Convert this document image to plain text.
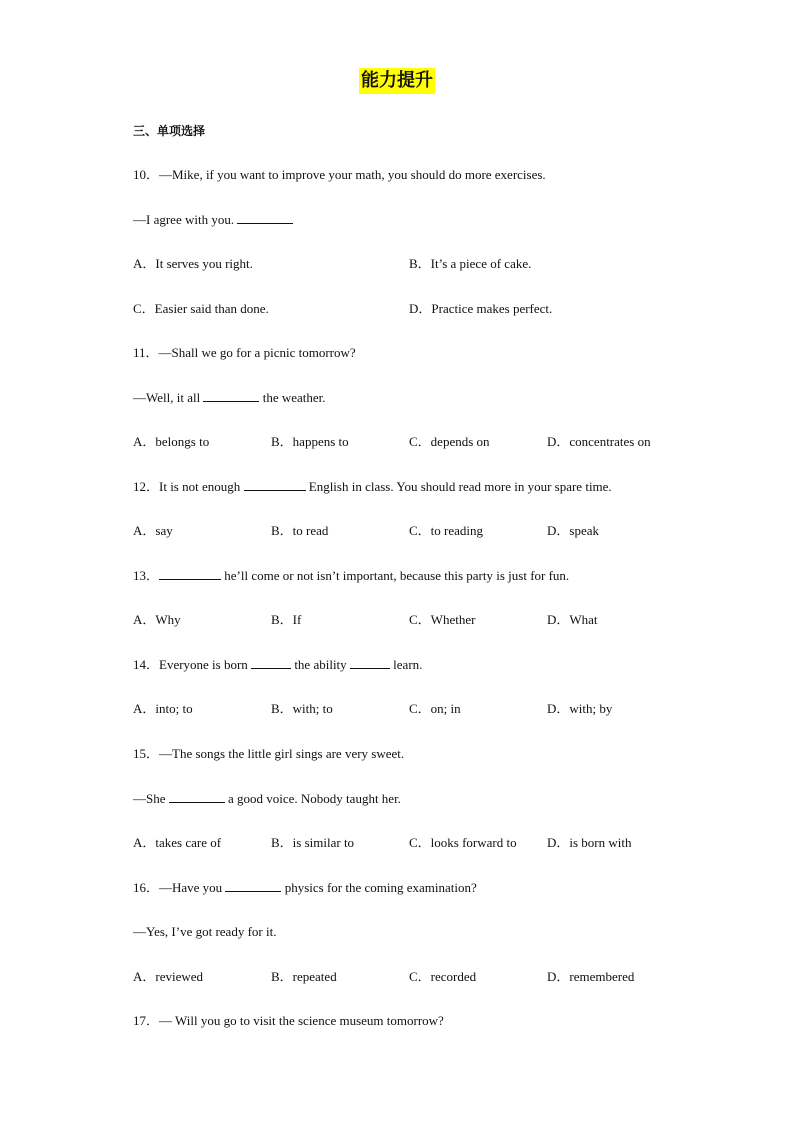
能力提升
三、单项选择
10．—Mike, if you want to improve your math, you should do more exercises.
—I agree with you.
A．It serves you right.	B．It’s a piece of cake.
C．Easier said than done.	D．Practice makes perfect.
11．—Shall we go for a picnic tomorrow?
—Well, it all	the weather.
A．belongs to	B．happens to	C．depends on	D．concentrates on
12．It is not enough	English in class. You should read more in your spare time.
A．say	B．to read	C．to reading	D．speak
13．	he’ll come or not isn’t important, because this party is just for fun.
A．Why	B．If	C．Whether	D．What
14．Everyone is born	the ability	learn.
A．into; to	B．with; to	C．on; in	D．with; by
15．—The songs the little girl sings are very sweet.
—She	a good voice. Nobody taught her.
A．takes care of	B．is similar to	C．looks forward to D．is born with
16．—Have you	physics for the coming examination?
—Yes, I’ve got ready for it.
A．reviewed	B．repeated	C．recorded	D．remembered
17．— Will you go to visit the science museum tomorrow?
